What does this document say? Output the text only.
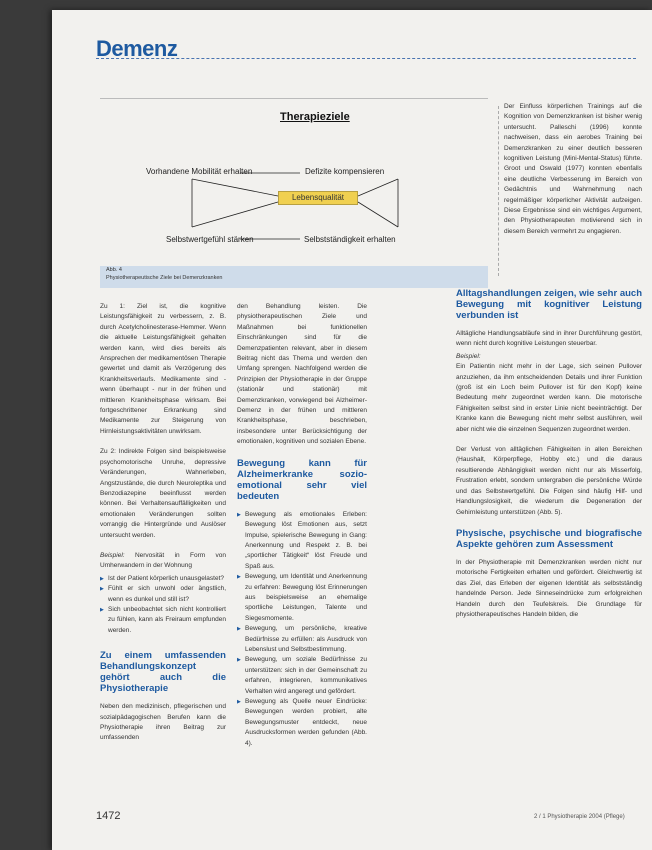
Demenz
Therapieziele
Vorhandene Mobilität erhalten	Defizite kompensieren
Lebensqualität
Selbstwertgefühl stärken	Selbstständigkeit erhalten
Abb. 4
Physiotherapeutische Ziele bei Demenzkranken

Der Einfluss körperlichen Trainings auf die Kognition von Demenzkranken ist bisher wenig untersucht. Palleschi (1996) konnte nachweisen, dass ein aerobes Training bei Demenzkranken zu einer deutlich besseren kognitiven Leistung (Mini-Mental-Status) führte. Groot und Oswald (1977) konnten ebenfalls eine deutliche Verbesserung im Bereich von Gedächtnis und Wahrnehmung nach regelmäßiger körperlicher Aktivität aufzeigen. Diese Ergebnisse sind ein wichtiges Argument, den Physiotherapeuten motivierend sich in diesem Bereich vermehrt zu engagieren.

Zu 1: Ziel ist, die kognitive Leistungsfähigkeit zu verbessern, z. B. durch Acetylcholinesterase-Hemmer. Wenn die aktuelle Leistungsfähigkeit gehalten werden kann, wird dies bereits als Ansprechen der medikamentösen Therapie gewertet und damit als Verzögerung des Krankheitsverlaufs. Medikamente sind - wenn überhaupt - nur in der frühen und mittleren Krankheitsphase wirksam. Bei fortgeschrittener Erkrankung sind Medikamente zur Steigerung von Hirnleistungsaktivitäten unwirksam.

Zu 2: Indirekte Folgen sind beispielsweise psychomotorische Unruhe, depressive Veränderungen, Wahnerleben, Angstzustände, die durch Neuroleptika und Benzodiazepine beeinflusst werden können. Bei Verhaltensauffälligkeiten und emotionalen Veränderungen sollten vorrangig die Hintergründe und Auslöser untersucht werden.

Beispiel: Nervosität in Form von Umherwandern in der Wohnung

▶ Ist der Patient körperlich unausgelastet?
▶ Fühlt er sich unwohl oder ängstlich, wenn es dunkel und still ist?
▶ Sich unbeobachtet sich nicht kontrolliert zu fühlen, kann als Freiraum empfunden werden.
Zu einem umfassenden Behandlungskonzept gehört auch die Physiotherapie

Neben den medizinisch, pflegerischen und sozialpädagogischen Berufen kann die Physiotherapie ihren Beitrag zur umfassenden

den Behandlung leisten. Die physiotherapeutischen Ziele und Maßnahmen bei funktionellen Einschränkungen sind für die Demenzpatienten relevant, aber in diesem Beitrag nicht das Thema und werden den Umfang sprengen. Nachfolgend werden die Prinzipien der Physiotherapie in der Gruppe (stationär und stationär) mit Demenzkranken, vorwiegend bei Alzheimer-Demenz in der frühen und mittleren Krankheitsphase, beschrieben, insbesondere unter Berücksichtigung der emotionalen, kognitiven und sozialen Ebene.

Bewegung kann für Alzheimerkranke sozio-emotional sehr viel bedeuten
▶ Bewegung als emotionales Erleben: Bewegung löst Emotionen aus, setzt Impulse, spielerische Bewegung in Gang: Anerkennung und Respekt z. B. bei „sportlicher Tätigkeit“ löst Freude und Spaß aus.
▶ Bewegung, um Identität und Anerkennung zu erfahren: Bewegung löst Erinnerungen aus beispielsweise an ehemalige sportliche Leistungen, Talente und Siegesmomente.
▶ Bewegung, um persönliche, kreative Bedürfnisse zu erfüllen: als Ausdruck von Lebenslust und Selbstbestimmung.
▶ Bewegung, um soziale Bedürfnisse zu unterstützen: sich in der Gemeinschaft zu erfahren, integrieren, kommunikatives Verhalten wird angeregt und gefördert.
▶ Bewegung als Quelle neuer Eindrücke: Bewegungen werden probiert, alte Bewegungsmuster entdeckt, neue Ausdrucksformen werden gefunden (Abb. 4).
Alltagshandlungen zeigen, wie sehr auch Bewegung mit kognitiver Leistung verbunden ist

Alltägliche Handlungsabläufe sind in ihrer Durchführung gestört, wenn nicht durch kognitive Leistungen steuerbar.

Beispiel:

Ein Patientin nicht mehr in der Lage, sich seinen Pullover anzuziehen, da ihm entscheidenden Details und ihrer Funktion (groß ist ein Loch beim Pullover ist für den Kopf) keine Bedeutung mehr zugeordnet werden kann. Die motorische Fähigkeiten selbst sind in erster Linie nicht beeinträchtigt. Der Kranke kann die Bewegung nicht mehr selbst ausführen, weil aber nicht wie die einzelnen Sequenzen zugeordnet werden.

Der Verlust von alltäglichen Fähigkeiten in allen Bereichen (Haushalt, Körperpflege, Hobby etc.) und die daraus resultierende Abhängigkeit werden nicht nur als Misserfolg, Frustration erlebt, sondern untergraben die persönliche Würde und das Selbstwertgefühl. Die Folgen sind häufig Hilf- und Handlungslosigkeit, die wiederum die Degeneration der Gehirnleistung unterstützen (Abb. 5).

Physische, psychische und biografische Aspekte gehören zum Assessment

In der Physiotherapie mit Demenzkranken werden nicht nur motorische Fertigkeiten erhalten und gefördert. Gleichwertig ist das Ziel, das Erleben der eigenen Identität als selbstständig handelnde Person. Jede Sinneseindrücke zum erfolgreichen Handeln durch den Teufelskreis. Die Grundlage für physiotherapeutisches Handeln bilden, die

1472	2 / 1 Physiotherapie 2004 (Pflege)
